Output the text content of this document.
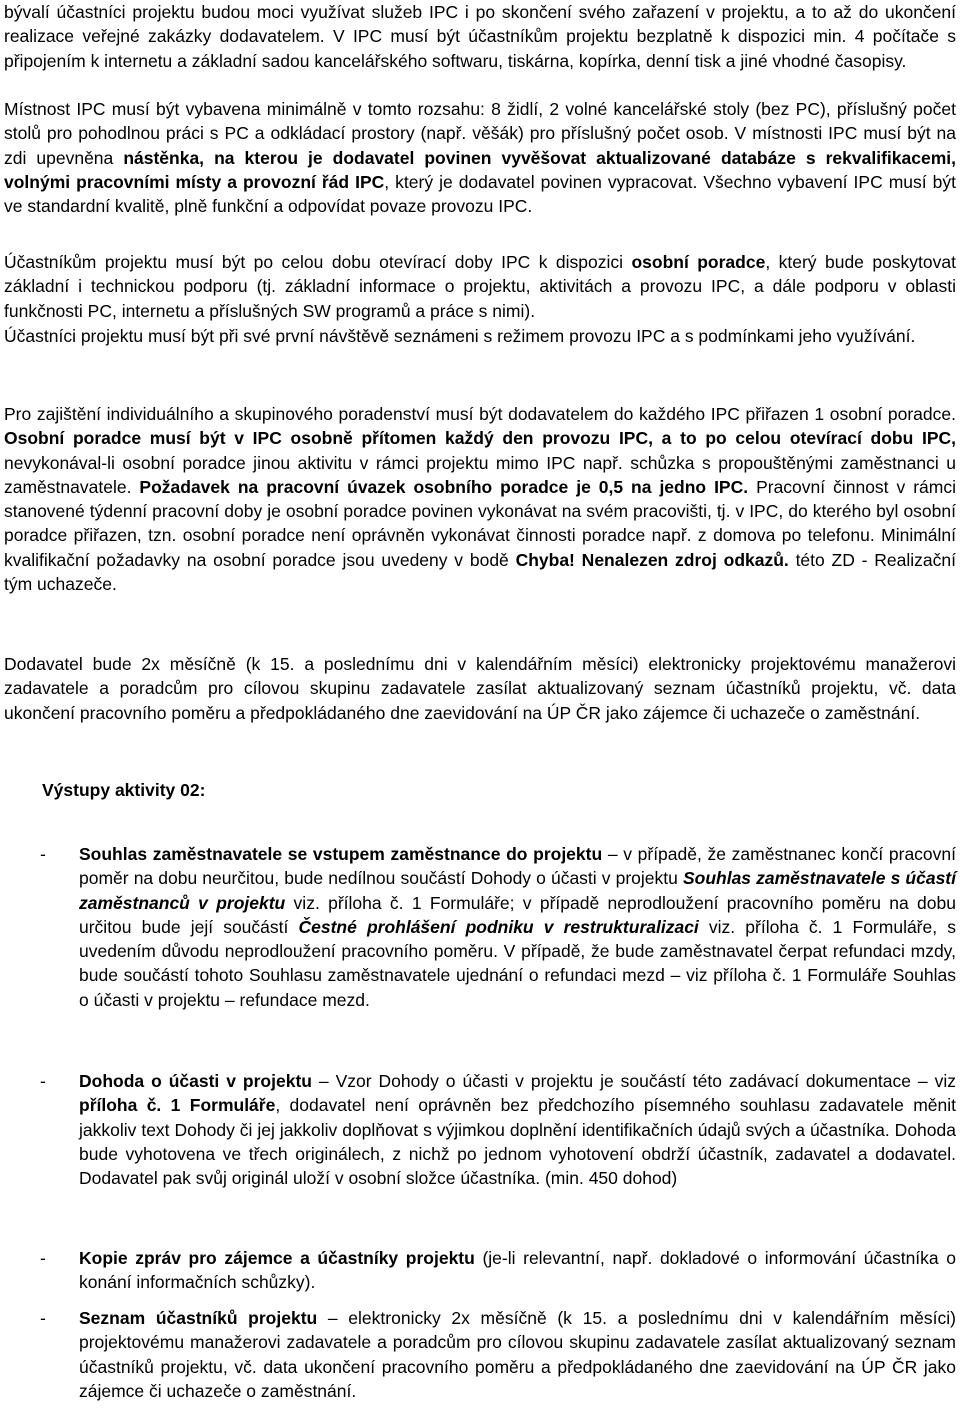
bývalí účastníci projektu budou moci využívat služeb IPC i po skončení svého zařazení v projektu, a to až do ukončení realizace veřejné zakázky dodavatelem. V IPC musí být účastníkům projektu bezplatně k dispozici min. 4 počítače s připojením k internetu a základní sadou kancelářského softwaru, tiskárna, kopírka, denní tisk a jiné vhodné časopisy.

Místnost IPC musí být vybavena minimálně v tomto rozsahu: 8 židlí, 2 volné kancelářské stoly (bez PC), příslušný počet stolů pro pohodlnou práci s PC a odkládací prostory (např. věšák) pro příslušný počet osob. V místnosti IPC musí být na zdi upevněna nástěnka, na kterou je dodavatel povinen vyvěšovat aktualizované databáze s rekvalifikacemi, volnými pracovními místy a provozní řád IPC, který je dodavatel povinen vypracovat. Všechno vybavení IPC musí být ve standardní kvalitě, plně funkční a odpovídat povaze provozu IPC.

Účastníkům projektu musí být po celou dobu otevírací doby IPC k dispozici osobní poradce, který bude poskytovat základní i technickou podporu (tj. základní informace o projektu, aktivitách a provozu IPC, a dále podporu v oblasti funkčnosti PC, internetu a příslušných SW programů a práce s nimi).

Účastníci projektu musí být při své první návštěvě seznámeni s režimem provozu IPC a s podmínkami jeho využívání.

Pro zajištění individuálního a skupinového poradenství musí být dodavatelem do každého IPC přiřazen 1 osobní poradce. Osobní poradce musí být v IPC osobně přítomen každý den provozu IPC, a to po celou otevírací dobu IPC, nevykonával-li osobní poradce jinou aktivitu v rámci projektu mimo IPC např. schůzka s propouštěnými zaměstnanci u zaměstnavatele. Požadavek na pracovní úvazek osobního poradce je 0,5 na jedno IPC. Pracovní činnost v rámci stanovené týdenní pracovní doby je osobní poradce povinen vykonávat na svém pracovišti, tj. v IPC, do kterého byl osobní poradce přiřazen, tzn. osobní poradce není oprávněn vykonávat činnosti poradce např. z domova po telefonu. Minimální kvalifikační požadavky na osobní poradce jsou uvedeny v bodě Chyba! Nenalezen zdroj odkazů. této ZD - Realizační tým uchazeče.

Dodavatel bude 2x měsíčně (k 15. a poslednímu dni v kalendářním měsíci) elektronicky projektovému manažerovi zadavatele a poradcům pro cílovou skupinu zadavatele zasílat aktualizovaný seznam účastníků projektu, vč. data ukončení pracovního poměru a předpokládaného dne zaevidování na ÚP ČR jako zájemce či uchazeče o zaměstnání.

Výstupy aktivity 02:

- Souhlas zaměstnavatele se vstupem zaměstnance do projektu – v případě, že zaměstnanec končí pracovní poměr na dobu neurčitou, bude nedílnou součástí Dohody o účasti v projektu Souhlas zaměstnavatele s účastí zaměstnanců v projektu viz. příloha č. 1 Formuláře; v případě neprodloužení pracovního poměru na dobu určitou bude její součástí Čestné prohlášení podniku v restrukturalizaci viz. příloha č. 1 Formuláře, s uvedením důvodu neprodloužení pracovního poměru. V případě, že bude zaměstnavatel čerpat refundaci mzdy, bude součástí tohoto Souhlasu zaměstnavatele ujednání o refundaci mezd – viz příloha č. 1 Formuláře Souhlas o účasti v projektu – refundace mezd.

- Dohoda o účasti v projektu – Vzor Dohody o účasti v projektu je součástí této zadávací dokumentace – viz příloha č. 1 Formuláře, dodavatel není oprávněn bez předchozího písemného souhlasu zadavatele měnit jakkoliv text Dohody či jej jakkoliv doplňovat s výjimkou doplnění identifikačních údajů svých a účastníka. Dohoda bude vyhotovena ve třech originálech, z nichž po jednom vyhotovení obdrží účastník, zadavatel a dodavatel. Dodavatel pak svůj originál uloží v osobní složce účastníka. (min. 450 dohod)

- Kopie zpráv pro zájemce a účastníky projektu (je-li relevantní, např. dokladové o informování účastníka o konání informačních schůzky).

- Seznam účastníků projektu – elektronicky 2x měsíčně (k 15. a poslednímu dni v kalendářním měsíci) projektovému manažerovi zadavatele a poradcům pro cílovou skupinu zadavatele zasílat aktualizovaný seznam účastníků projektu, vč. data ukončení pracovního poměru a předpokládaného dne zaevidování na ÚP ČR jako zájemce či uchazeče o zaměstnání.
